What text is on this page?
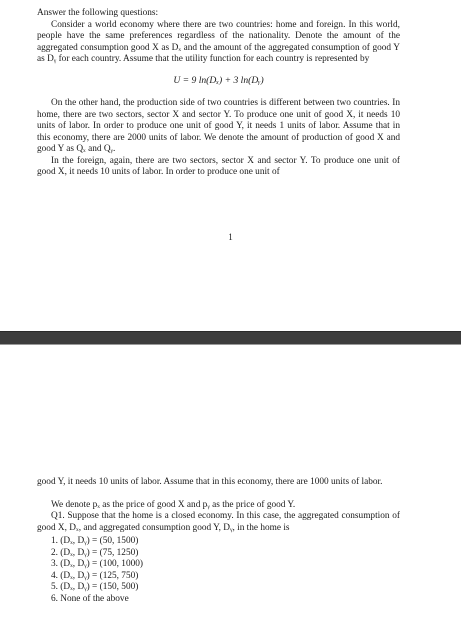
Answer the following questions:

Consider a world economy where there are two countries: home and foreign. In this world, people have the same preferences regardless of the nationality. Denote the amount of the aggregated consumption good X as Dₓ and the amount of the aggregated consumption of good Y as Dᵧ for each country. Assume that the utility function for each country is represented by

U = 9 ln(Dₓ) + 3 ln(Dᵧ)

On the other hand, the production side of two countries is different between two countries. In home, there are two sectors, sector X and sector Y. To produce one unit of good X, it needs 10 units of labor. In order to produce one unit of good Y, it needs 1 units of labor. Assume that in this economy, there are 2000 units of labor. We denote the amount of production of good X and good Y as Qₓ and Qᵧ.

In the foreign, again, there are two sectors, sector X and sector Y. To produce one unit of good X, it needs 10 units of labor. In order to produce one unit of

1

good Y, it needs 10 units of labor. Assume that in this economy, there are 1000 units of labor.

We denote pₓ as the price of good X and pᵧ as the price of good Y.

Q1. Suppose that the home is a closed economy. In this case, the aggregated consumption of good X, Dₓ, and aggregated consumption good Y, Dᵧ, in the home is

1. (Dₓ, Dᵧ) = (50, 1500)
2. (Dₓ, Dᵧ) = (75, 1250)
3. (Dₓ, Dᵧ) = (100, 1000)
4. (Dₓ, Dᵧ) = (125, 750)
5. (Dₓ, Dᵧ) = (150, 500)
6. None of the above
